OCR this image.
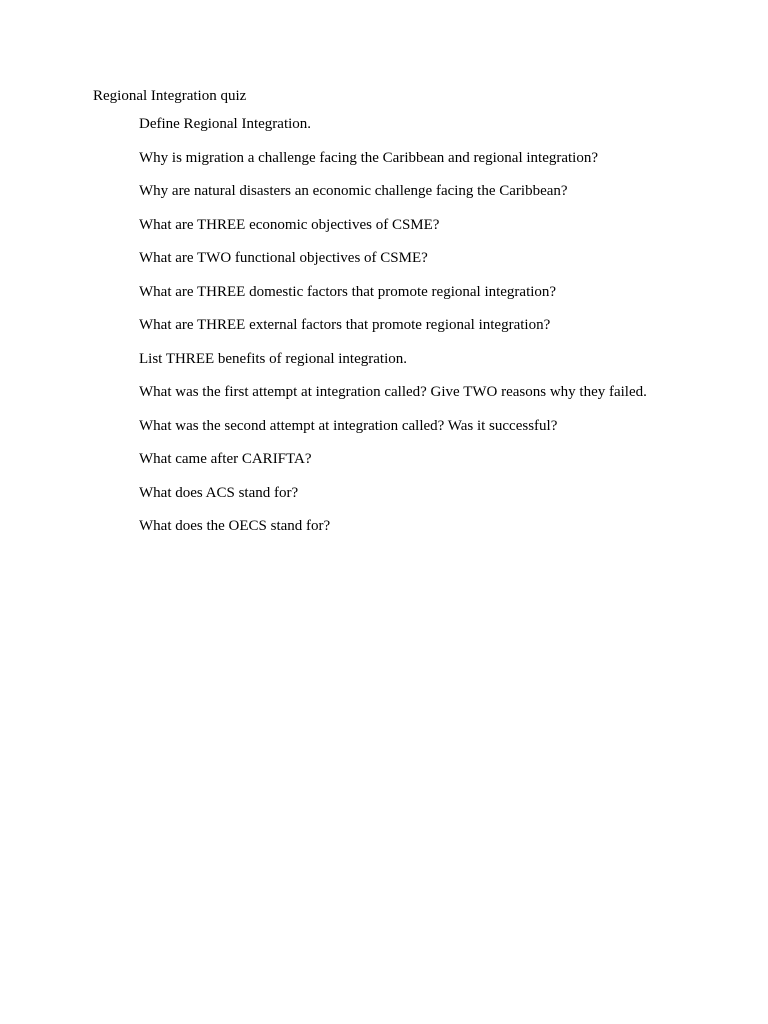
Regional Integration quiz
Define Regional Integration.
Why is migration a challenge facing the Caribbean and regional integration?
Why are natural disasters an economic challenge facing the Caribbean?
What are THREE economic objectives of CSME?
What are TWO functional objectives of CSME?
What are THREE domestic factors that promote regional integration?
What are THREE external factors that promote regional integration?
List THREE benefits of regional integration.
What was the first attempt at integration called? Give TWO reasons why they failed.
What was the second attempt at integration called? Was it successful?
What came after CARIFTA?
What does ACS stand for?
What does the OECS stand for?
